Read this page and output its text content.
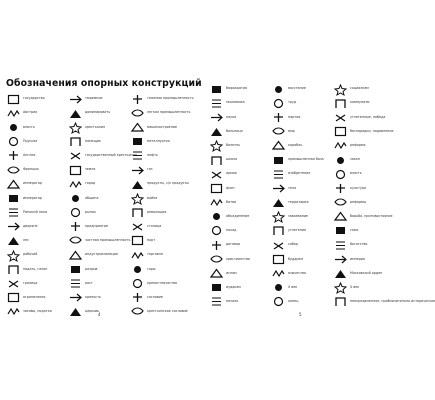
Обозначения опорных конструкций
государство
Австрия
власть
Пруссия
Англия
Франция
император
император
Римский папа
дворяне
лес
рабочий
подать, налог
граница
ограничения
засовы, податки
тюремное
доминировать
крестьянин
помещик
государственный крестьянин
земля
город
община
рынок
предприятие
частная промышленность
индустриализация
разрыв
рост
крепость
церковь
тяжелая промышленность
легкая промышленность
машиностроение
металлургия
нефть
газ
продукты, с/х продукты
война
революция
столица
порт
торговля
горы
крепостничество
сословие
крестьянское сословие
4
бюрократия
экономика
наука
больница
болезнь
школа
армия
флот
битва
объединение
поход
договор
христианство
ислам
иудаизм
начало
восстание
труд
партия
мир
корабль
промышленная база
изобретение
тело
территория
завоевание
угнетение
собор
буддизм
язычество
X век
конец
социализм
коммунизм
угнетенные, победа
беспорядки, подавление
реформа
закон
власть
культура
реформы
борьба, противостояние
союз
богатство
империя
Московский орден
X век
неопределенное, приблизительно историческое
5
